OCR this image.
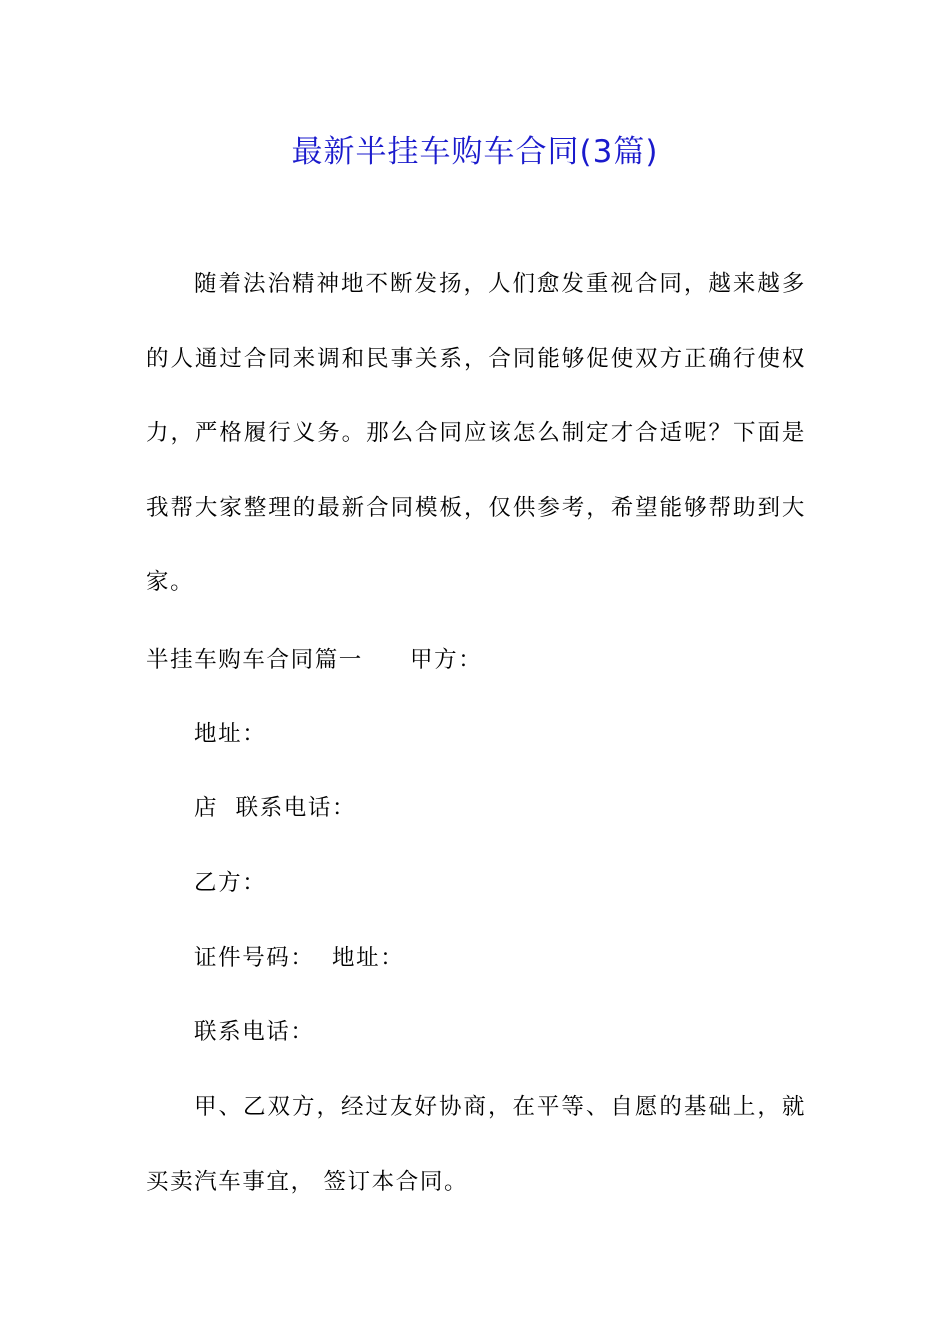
最新半挂车购车合同(3篇)

随着法治精神地不断发扬，人们愈发重视合同，越来越多的人通过合同来调和民事关系，合同能够促使双方正确行使权力，严格履行义务。那么合同应该怎么制定才合适呢？下面是我帮大家整理的最新合同模板，仅供参考，希望能够帮助到大家。

半挂车购车合同篇一 甲方：
地址：
店  联系电话：
乙方：
证件号码：  地址：
联系电话：

甲、乙双方，经过友好协商，在平等、自愿的基础上，就买卖汽车事宜， 签订本合同。
